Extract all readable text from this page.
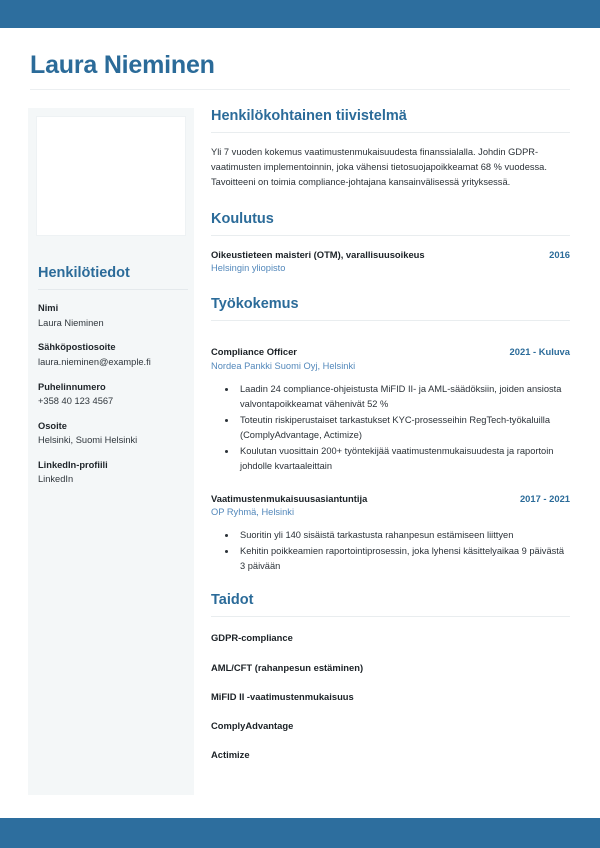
Laura Nieminen
Henkilötiedot
Nimi
Laura Nieminen
Sähköpostiosoite
laura.nieminen@example.fi
Puhelinnumero
+358 40 123 4567
Osoite
Helsinki, Suomi Helsinki
LinkedIn-profiili
LinkedIn
Henkilökohtainen tiivistelmä
Yli 7 vuoden kokemus vaatimustenmukaisuudesta finanssialalla. Johdin GDPR-vaatimusten implementoinnin, joka vähensi tietosuojapoikkeamat 68 % vuodessa. Tavoitteeni on toimia compliance-johtajana kansainvälisessä yrityksessä.
Koulutus
Oikeustieteen maisteri (OTM), varallisuusoikeus	2016
Helsingin yliopisto
Työkokemus
Compliance Officer	2021 - Kuluva
Nordea Pankki Suomi Oyj, Helsinki
• Laadin 24 compliance-ohjeistusta MiFID II- ja AML-säädöksiin, joiden ansiosta valvontapoikkeamat vähenivät 52 %
• Toteutin riskiperustaiset tarkastukset KYC-prosesseihin RegTech-työkaluilla (ComplyAdvantage, Actimize)
• Koulutan vuosittain 200+ työntekijää vaatimustenmukaisuudesta ja raportoin johdolle kvartaaleittain
Vaatimustenmukaisuusasiantuntija	2017 - 2021
OP Ryhmä, Helsinki
• Suoritin yli 140 sisäistä tarkastusta rahanpesun estämiseen liittyen
• Kehitin poikkeamien raportointiprosessin, joka lyhensi käsittelyaikaa 9 päivästä 3 päivään
Taidot
GDPR-compliance
AML/CFT (rahanpesun estäminen)
MiFID II -vaatimustenmukaisuus
ComplyAdvantage
Actimize
